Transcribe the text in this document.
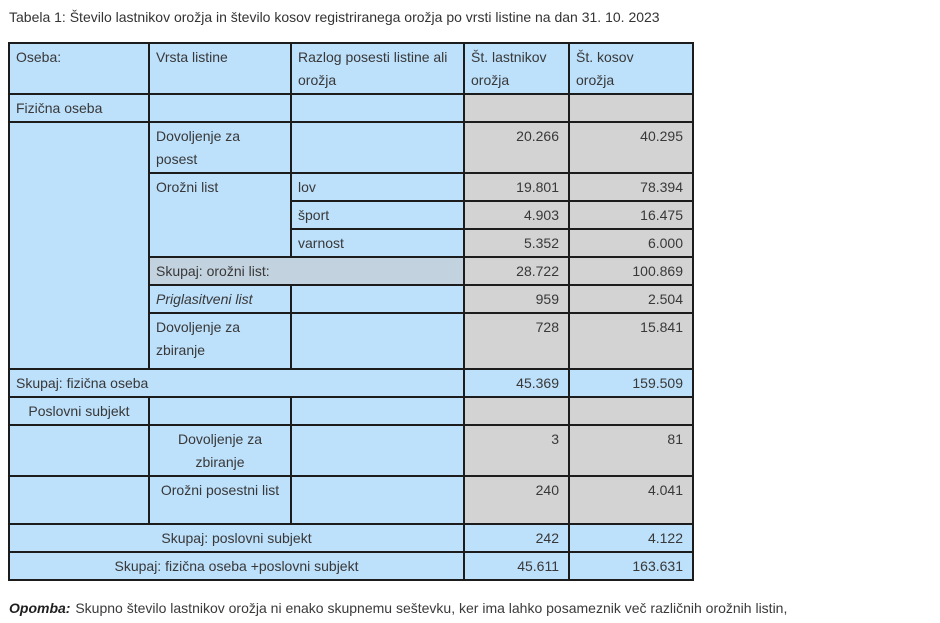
Tabela 1: Število lastnikov orožja in število kosov registriranega orožja po vrsti listine na dan 31. 10. 2023
Oseba:	Vrsta listine	Razlog posesti listine ali orožja	Št. lastnikov orožja	Št. kosov orožja
Fizična oseba				
	Dovoljenje za posest		20.266	40.295
	Orožni list	lov	19.801	78.394
		šport	4.903	16.475
		varnost	5.352	6.000
	Skupaj: orožni list:		28.722	100.869
	Priglasitveni list		959	2.504
	Dovoljenje za zbiranje		728	15.841
Skupaj: fizična oseba			45.369	159.509
Poslovni subjekt				
	Dovoljenje za zbiranje		3	81
	Orožni posestni list		240	4.041
Skupaj: poslovni subjekt			242	4.122
Skupaj: fizična oseba +poslovni subjekt			45.611	163.631
Opomba: Skupno število lastnikov orožja ni enako skupnemu seštevku, ker ima lahko posameznik več različnih orožnih listin,
